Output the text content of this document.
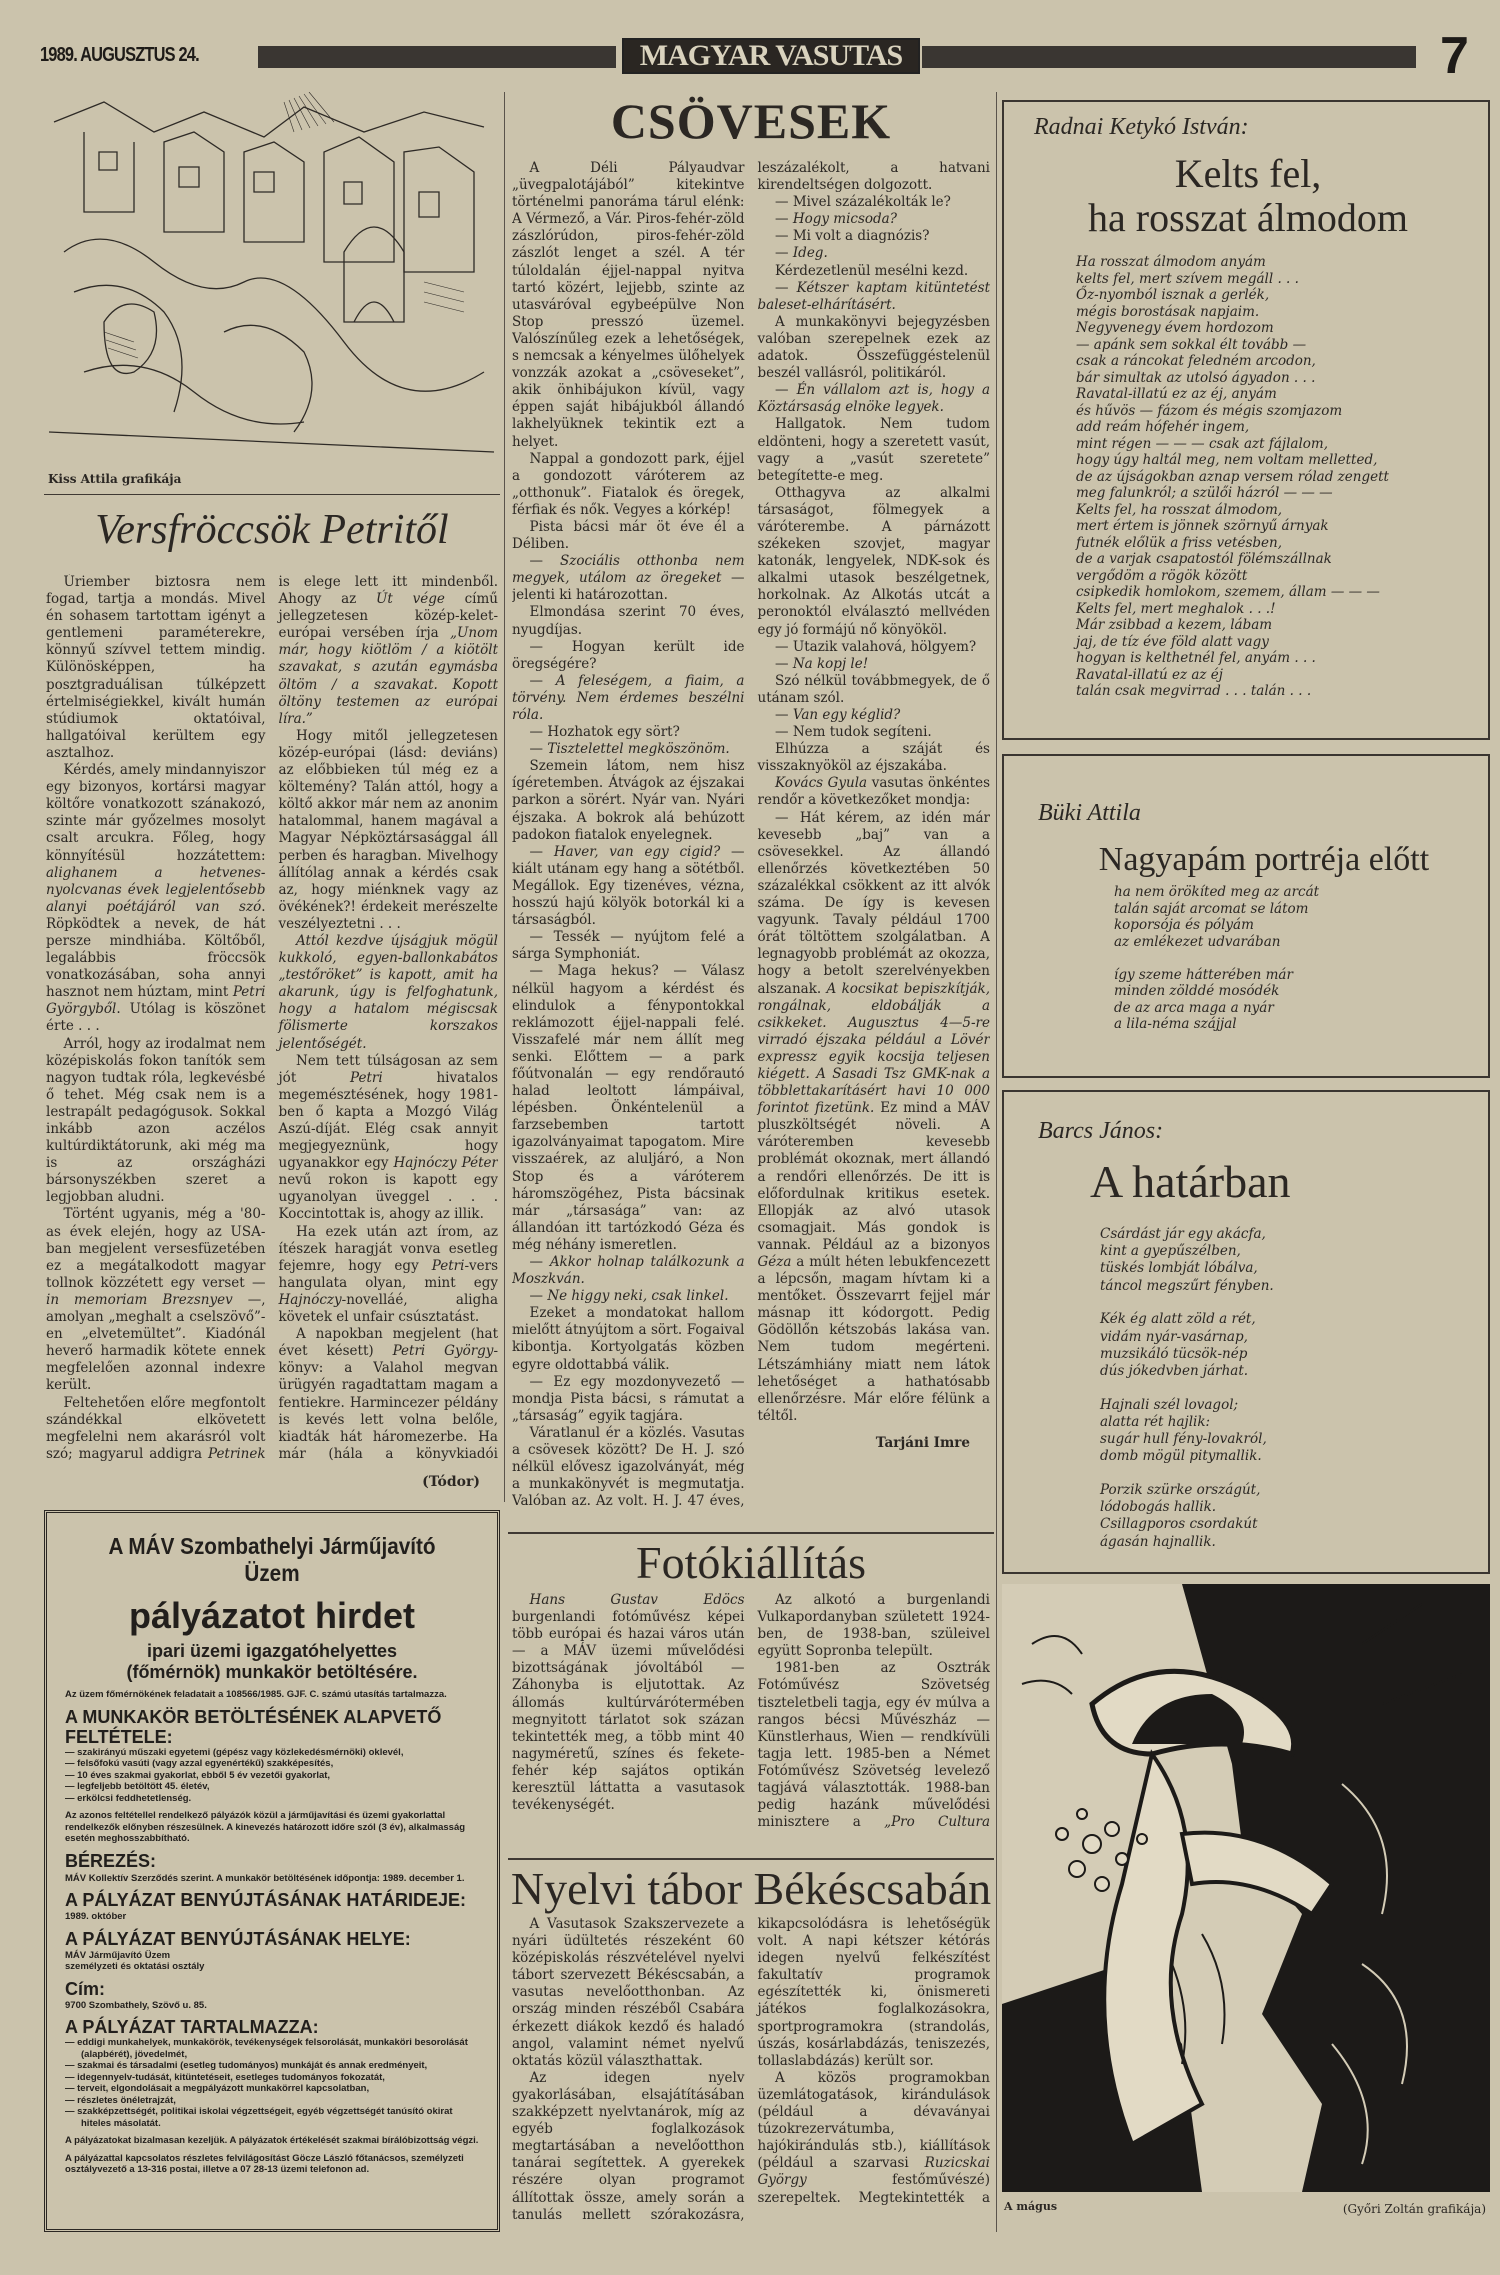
1989. AUGUSZTUS 24.	MAGYAR VASUTAS	7
Kiss Attila grafikája
Versfröccsök Petritől

Úriember biztosra nem fogad, tartja a mondás. Mivel én sohasem tartottam igényt a gentlemeni paraméterekre, könnyű szívvel tettem mindig. Különösképpen, ha posztgraduálisan túlképzett értelmiségiekkel, kivált humán stúdiumok oktatóival, hallgatóival kerültem egy asztalhoz.

Kérdés, amely mindannyiszor egy bizonyos, kortársi magyar költőre vonatkozott szánakozó, szinte már győzelmes mosolyt csalt arcukra. Főleg, hogy könnyítésül hozzátettem: alighanem a hetvenes-nyolcvanas évek legjelentősebb alanyi poétájáról van szó. Röpködtek a nevek, de hát persze mindhiába. Költőből, legalábbis fröccsök vonatkozásában, soha annyi hasznot nem húztam, mint Petri Györgyből. Utólag is köszönet érte . . .

Arról, hogy az irodalmat nem középiskolás fokon tanítók sem nagyon tudtak róla, legkevésbé ő tehet. Még csak nem is a lestrapált pedagógusok. Sokkal inkább azon aczélos kultúrdiktátorunk, aki még ma is az országházi bársonyszékben szeret a legjobban aludni.

Történt ugyanis, még a '80-as évek elején, hogy az USA-ban megjelent versesfüzetében ez a megátalkodott magyar tollnok közzétett egy verset — in memoriam Brezsnyev —, amolyan „meghalt a cselszövő”-en „elvetemültet”. Kiadónál heverő harmadik kötete ennek megfelelően azonnal indexre került.

Feltehetően előre megfontolt szándékkal elkövetett megfelelni nem akarásról volt szó; magyarul addigra Petrinek is elege lett itt mindenből. Ahogy az Út vége című jellegzetesen közép-kelet-európai versében írja „Unom már, hogy kiötlöm / a kiötölt szavakat, s azután egymásba öltöm / a szavakat. Kopott öltöny testemen az európai líra.”

Hogy mitől jellegzetesen közép-európai (lásd: deviáns) az előbbieken túl még ez a költemény? Talán attól, hogy a költő akkor már nem az anonim hatalommal, hanem magával a Magyar Népköztársasággal áll perben és haragban. Mivelhogy állítólag annak a kérdés csak az, hogy miénknek vagy az övékének?! érdekeit merészelte veszélyeztetni . . .

Attól kezdve újságjuk mögül kukkoló, egyen-ballonkabátos „testőröket” is kapott, amit ha akarunk, úgy is felfoghatunk, hogy a hatalom mégiscsak fölismerte korszakos jelentőségét.

Nem tett túlságosan az sem jót Petri hivatalos megemésztésének, hogy 1981-ben ő kapta a Mozgó Világ Aszú-díját. Elég csak annyit megjegyeznünk, hogy ugyanakkor egy Hajnóczy Péter nevű rokon is kapott egy ugyanolyan üveggel . . . Koccintottak is, ahogy az illik.

Ha ezek után azt írom, az ítészek haragját vonva esetleg fejemre, hogy egy Petri-vers hangulata olyan, mint egy Hajnóczy-novelláé, aligha követek el unfair csúsztatást.

A napokban megjelent (hat évet késett) Petri György-könyv: a Valahol megvan ürügyén ragadtattam magam a fentiekre. Harmincezer példány is kevés lett volna belőle, kiadták hát háromezerbe. Ha már (hála a könyvkiadói

(Tódor)
A MÁV Szombathelyi Járműjavító Üzem
pályázatot hirdet
ipari üzemi igazgatóhelyettes
(főmérnök) munkakör betöltésére.
Az üzem főmérnökének feladatait a 108566/1985. GJF. C. számú utasítás tartalmazza.
A MUNKAKÖR BETÖLTÉSÉNEK ALAPVETŐ FELTÉTELE:
— szakirányú műszaki egyetemi (gépész vagy közlekedésmérnöki) oklevél,
— felsőfokú vasúti (vagy azzal egyenértékű) szakképesítés,
— 10 éves szakmai gyakorlat, ebből 5 év vezetői gyakorlat,
— legfeljebb betöltött 45. életév,
— erkölcsi feddhetetlenség.
Az azonos feltétellel rendelkező pályázók közül a járműjavítási és üzemi gyakorlattal rendelkezők előnyben részesülnek. A kinevezés határozott időre szól (3 év), alkalmasság esetén meghosszabbítható.
BÉREZÉS:
MÁV Kollektív Szerződés szerint. A munkakör betöltésének időpontja: 1989. december 1.
A PÁLYÁZAT BENYÚJTÁSÁNAK HATÁRIDEJE:
1989. október
A PÁLYÁZAT BENYÚJTÁSÁNAK HELYE:
MÁV Járműjavító Üzem
személyzeti és oktatási osztály
Cím:
9700 Szombathely, Szövő u. 85.
A PÁLYÁZAT TARTALMAZZA:
— eddigi munkahelyek, munkakörök, tevékenységek felsorolását, munkaköri besorolását (alapbérét), jövedelmét,
— szakmai és társadalmi (esetleg tudományos) munkáját és annak eredményeit,
— idegennyelv-tudását, kitüntetéseit, esetleges tudományos fokozatát,
— terveit, elgondolásait a megpályázott munkakörrel kapcsolatban,
— részletes önéletrajzát,
— szakképzettségét, politikai iskolai végzettségeit, egyéb végzettségét tanúsító okirat hiteles másolatát.
A pályázatokat bizalmasan kezeljük. A pályázatok értékelését szakmai bírálóbizottság végzi.
A pályázattal kapcsolatos részletes felvilágosítást Göcze László főtanácsos, személyzeti osztályvezető a 13-316 postai, illetve a 07 28-13 üzemi telefonon ad.
CSÖVESEK

A Déli Pályaudvar „üvegpalotájából” kitekintve történelmi panoráma tárul elénk: A Vérmező, a Vár. Piros-fehér-zöld zászlórúdon, piros-fehér-zöld zászlót lenget a szél. A tér túloldalán éjjel-nappal nyitva tartó közért, lejjebb, szinte az utasváróval egybeépülve Non Stop presszó üzemel. Valószínűleg ezek a lehetőségek, s nemcsak a kényelmes ülőhelyek vonzzák azokat a „csöveseket”, akik önhibájukon kívül, vagy éppen saját hibájukból állandó lakhelyüknek tekintik ezt a helyet.

Nappal a gondozott park, éjjel a gondozott váróterem az „otthonuk”. Fiatalok és öregek, férfiak és nők. Vegyes a kórkép!

Pista bácsi már öt éve él a Déliben.

— Szociális otthonba nem megyek, utálom az öregeket — jelenti ki határozottan.

Elmondása szerint 70 éves, nyugdíjas.

— Hogyan került ide öregségére?

— A feleségem, a fiaim, a törvény. Nem érdemes beszélni róla.

— Hozhatok egy sört?

— Tisztelettel megköszönöm.

Szemein látom, nem hisz ígéretemben. Átvágok az éjszakai parkon a sörért. Nyár van. Nyári éjszaka. A bokrok alá behúzott padokon fiatalok enyelegnek.

— Haver, van egy cigid? — kiált utánam egy hang a sötétből. Megállok. Egy tizenéves, vézna, hosszú hajú kölyök botorkál ki a társaságból.

— Tessék — nyújtom felé a sárga Symphoniát.

— Maga hekus? — Válasz nélkül hagyom a kérdést és elindulok a fénypontokkal reklámozott éjjel-nappali felé. Visszafelé már nem állít meg senki. Előttem — a park főútvonalán — egy rendőrautó halad leoltott lámpáival, lépésben. Önkéntelenül a farzsebemben tartott igazolványaimat tapogatom. Mire visszaérek, az aluljáró, a Non Stop és a váróterem háromszögéhez, Pista bácsinak már „társasága” van: az állandóan itt tartózkodó Géza és még néhány ismeretlen.

— Akkor holnap találkozunk a Moszkván.

— Ne higgy neki, csak linkel.

Ezeket a mondatokat hallom mielőtt átnyújtom a sört. Fogaival kibontja. Kortyolgatás közben egyre oldottabbá válik.

— Ez egy mozdonyvezető — mondja Pista bácsi, s rámutat a „társaság” egyik tagjára.

Váratlanul ér a közlés. Vasutas a csövesek között? De H. J. szó nélkül elővesz igazolványát, még a munkakönyvét is megmutatja. Valóban az. Az volt. H. J. 47 éves, leszázalékolt, a hatvani kirendeltségen dolgozott.

— Mivel százalékolták le?

— Hogy micsoda?

— Mi volt a diagnózis?

— Ideg.

Kérdezetlenül mesélni kezd.

— Kétszer kaptam kitüntetést baleset-elhárításért.

A munkakönyvi bejegyzésben valóban szerepelnek ezek az adatok. Összefüggéstelenül beszél vallásról, politikáról.

— Én vállalom azt is, hogy a Köztársaság elnöke legyek.

Hallgatok. Nem tudom eldönteni, hogy a szeretett vasút, vagy a „vasút szeretete” betegítette-e meg.

Otthagyva az alkalmi társaságot, fölmegyek a váróterembe. A párnázott székeken szovjet, magyar katonák, lengyelek, NDK-sok és alkalmi utasok beszélgetnek, horkolnak. Az Alkotás utcát a peronoktól elválasztó mellvéden egy jó formájú nő könyököl.

— Utazik valahová, hölgyem?

— Na kopj le!

Szó nélkül továbbmegyek, de ő utánam szól.

— Van egy kéglid?

— Nem tudok segíteni.

Elhúzza a száját és visszaknyököl az éjszakába.

Kovács Gyula vasutas önkéntes rendőr a következőket mondja:

— Hát kérem, az idén már kevesebb „baj” van a csövesekkel. Az állandó ellenőrzés következtében 50 százalékkal csökkent az itt alvók száma. De így is kevesen vagyunk. Tavaly például 1700 órát töltöttem szolgálatban. A legnagyobb problémát az okozza, hogy a betolt szerelvényekben alszanak. A kocsikat bepiszkítják, rongálnak, eldobálják a csikkeket. Augusztus 4—5-re virradó éjszaka például a Lövér expressz egyik kocsija teljesen kiégett. A Sasadi Tsz GMK-nak a többlettakarításért havi 10 000 forintot fizetünk. Ez mind a MÁV pluszköltségét növeli. A váróteremben kevesebb problémát okoznak, mert állandó a rendőri ellenőrzés. De itt is előfordulnak kritikus esetek. Ellopják az alvó utasok csomagjait. Más gondok is vannak. Például az a bizonyos Géza a múlt héten lebukfencezett a lépcsőn, magam hívtam ki a mentőket. Összevarrt fejjel már másnap itt kódorgott. Pedig Gödöllőn kétszobás lakása van. Nem tudom megérteni. Létszámhiány miatt nem látok lehetőséget a hathatósabb ellenőrzésre. Már előre félünk a téltől.

Tarjáni Imre

Fotókiállítás

Hans Gustav Edöcs burgenlandi fotóművész képei több európai és hazai város után — a MÁV üzemi művelődési bizottságának jóvoltából — Záhonyba is eljutottak. Az állomás kultúrvárótermében megnyitott tárlatot sok százan tekintették meg, a több mint 40 nagyméretű, színes és fekete-fehér kép sajátos optikán keresztül láttatta a vasutasok tevékenységét.

Az alkotó a burgenlandi Vulkapordanyban született 1924-ben, de 1938-ban, szüleivel együtt Sopronba települt.

1981-ben az Osztrák Fotóművész Szövetség tiszteletbeli tagja, egy év múlva a rangos bécsi Művészház — Künstlerhaus, Wien — rendkívüli tagja lett. 1985-ben a Német Fotóművész Szövetség levelező tagjává választották. 1988-ban pedig hazánk művelődési minisztere a „Pro Cultura

Nyelvi tábor Békéscsabán

A Vasutasok Szakszervezete a nyári üdültetés részeként 60 középiskolás részvételével nyelvi tábort szervezett Békéscsabán, a vasutas nevelőotthonban. Az ország minden részéből Csabára érkezett diákok kezdő és haladó angol, valamint német nyelvű oktatás közül választhattak.

Az idegen nyelv gyakorlásában, elsajátításában szakképzett nyelvtanárok, míg az egyéb foglalkozások megtartásában a nevelőotthon tanárai segítettek. A gyerekek részére olyan programot állítottak össze, amely során a tanulás mellett szórakozásra, kikapcsolódásra is lehetőségük volt. A napi kétszer kétórás idegen nyelvű felkészítést fakultatív programok egészítették ki, önismereti játékos foglalkozásokra, sportprogramokra (strandolás, úszás, kosárlabdázás, teniszezés, tollaslabdázás) került sor.

A közös programokban üzemlátogatások, kirándulások (például a dévaványai túzokrezervátumba, hajókirándulás stb.), kiállítások (például a szarvasi Ruzicskai György	festőművészé) szerepeltek. Megtekintették a

Radnai Ketykó István:
Kelts fel,
ha rosszat álmodom
Ha rosszat álmodom anyám
kelts fel, mert szívem megáll . . .
Őz-nyomból isznak a gerlék,
mégis borostásak napjaim.
Negyvenegy évem hordozom
— apánk sem sokkal élt tovább —
csak a ráncokat feledném arcodon,
bár simultak az utolsó ágyadon . . .
Ravatal-illatú ez az éj, anyám
és hűvös — fázom és mégis szomjazom
add reám hófehér ingem,
mint régen — — — csak azt fájlalom,
hogy úgy haltál meg, nem voltam melletted,
de az újságokban aznap versem rólad zengett
meg falunkról; a szülői házról — — —
Kelts fel, ha rosszat álmodom,
mert értem is jönnek szörnyű árnyak
futnék előlük a friss vetésben,
de a varjak csapatostól fölémszállnak
vergődöm a rögök között
csipkedik homlokom, szemem, állam — — —
Kelts fel, mert meghalok . . .!
Már zsibbad a kezem, lábam
jaj, de tíz éve föld alatt vagy
hogyan is kelthetnél fel, anyám . . .
Ravatal-illatú ez az éj
talán csak megvirrad . . . talán . . .
Büki Attila
Nagyapám portréja előtt
ha nem örökíted meg az arcát
talán saját arcomat se látom
koporsója és pólyám
az emlékezet udvarában
így szeme hátterében már
minden zölddé mosódék
de az arca maga a nyár
a lila-néma szájjal
Barcs János:
A határban
Csárdást jár egy akácfa,
kint a gyepűszélben,
tüskés lombját lóbálva,
táncol megszűrt fényben.
Kék ég alatt zöld a rét,
vidám nyár-vasárnap,
muzsikáló tücsök-nép
dús jókedvben járhat.
Hajnali szél lovagol;
alatta rét hajlik:
sugár hull fény-lovakról,
domb mögül pitymallik.
Porzik szürke országút,
lódobogás hallik.
Csillagporos csordakút
ágasán hajnallik.
A mágus	(Győri Zoltán grafikája)
